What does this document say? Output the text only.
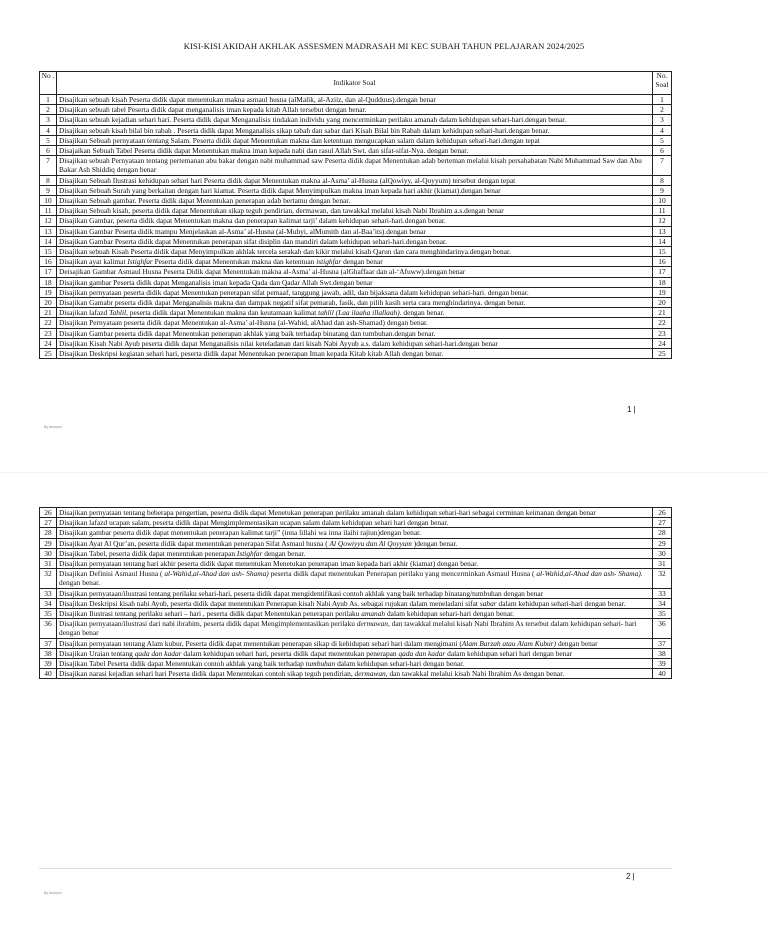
KISI-KISI AKIDAH AKHLAK ASSESMEN MADRASAH MI KEC SUBAH TAHUN PELAJARAN 2024/2025
No .	Indikator Soal	No. Soal
1	Disajikan sebuah kisah Peserta didik dapat menentukan makna asmaul husna (alMalik, al-Aziiz, dan al-Qudduus).dengan benar	1
2	Disajikan sebuah tabel Peserta didik dapat menganalisis iman kepada kitab Allah tersebut dengan benar.	2
3	Disajikan sebuah kejadian sehari hari. Peserta didik dapat Menganalisis tindakan individu yang mencerminkan perilaku amanah dalam kehidupan sehari-hari.dengan benar.	3
4	Disajikan sebuah kisah bilal bin rabah . Peserta didik dapat Menganalisis sikap tabah dan sabar dari Kisah Bilal bin Rabah dalam kehidupan sehari-hari.dengan benar.	4
5	Disajikan Sebuah pernyataan tentang Salam. Peserta didik dapat Menentukan makna dan ketentuan mengucapkan salam dalam kehidupan sehari-hari.dengan tepat	5
6	Disajaikan Sebuah Tabel Peserta didik dapat Menentukan makna iman kepada nabi dan rasul Allah Swt. dan sifat-sifat-Nya. dengan benar.	6
7	Disajikan sebuah Pernyataan tentang pertemanan abu bakar dengan nabi muhammad saw Peserta didik dapat Menentukan adab berteman melalui kisah persahabatan Nabi Muhammad Saw dan Abu Bakar Ash Shiddiq dengan benar	7
8	Disajikan Sebuah Ilustrasi kehidupan sehari hari Peserta didik dapat Menentukan makna al-Asma’ al-Husna (alQowiyy, al-Qoyyum) tersebut dengan tepat	8
9	Disajikan Sebuah Surah yang berkaitan dengan hari kiamat. Peserta didik dapat Menyimpulkan makna iman kepada hari akhir (kiamat).dengan benar	9
10	Disajikan Sebuah gambar. Peserta didik dapat Menentukan penerapan adab bertamu dengan benar.	10
11	Disajikan Sebuah kisah, peserta didik dapat Menentukan sikap teguh pendirian, dermawan, dan tawakkal melalui kisah Nabi Ibrahim a.s.dengan benar	11
12	Disajikan Gambar, peserta didik dapat Menentukan makna dan penerapan kalimat tarji’ dalam kehidupan sehari-hari.dengan benar.	12
13	Disajikan Gambar Peserta didik mampu Menjelaskan al-Asma’ al-Husna (al-Muhyi, alMumith dan al-Baa’its).dengan benar	13
14	Disajikan Gambar Peserta didik dapat Menentukan penerapan sifat disiplin dan mandiri dalam kehidupan sehari-hari.dengan benar.	14
15	Disajikan sebuah Kisah Peserta didik dapat Menyimpulkan akhlak tercela serakah dan kikir melalui kisah Qarun dan cara menghindarinya.dengan benar.	15
16	Disajikan ayat kalimat Istighfar Peserta didik dapat Menentukan makna dan ketentuan istighfar dengan benar	16
17	Deisajikan Gambar Asmaul Husna Peserta Didik dapat Menentukan makna al-Asma’ al-Husna (alGhaffaar dan al-‘Afuww).dengan benar	17
18	Disajikan gambar Peserta didik dapat Menganalisis iman kepada Qada dan Qadar Allah Swt.dengan benar	18
19	Disajikan pernyataan peserta didik dapat Menentukan penerapan sifat pemaaf, tanggung jawab, adil, dan bijaksana dalam kehidupan sehari-hari. dengan benar.	19
20	Disajikan Gamabr peserta didik dapat Menganalisis makna dan dampak negatif sifat pemarah, fasik, dan pilih kasih serta cara menghindarinya. dengan benar.	20
21	Disajikan lafazd Tahlil, peserta didik dapat Menentukan makna dan keutamaan kalimat tahlil (Laa ilaaha illallaah). dengan benar.	21
22	Disajikan Pernyataan peserta didik dapat Menentukan al-Asma’ al-Husna (al-Wahid, alAhad dan ash-Shamad) dengan benar.	22
23	Disajikan Gambar peserta didik dapat Menentukan penerapan akhlak yang baik terhadap binatang dan tumbuhan.dengan benar.	23
24	Disajikan Kisah Nabi Ayub peserta didik dapat Menganalisis nilai keteladanan dari kisah Nabi Ayyub a.s. dalam kehidupan sehari-hari.dengan benar	24
25	Disajikan Deskripsi kegiatan sehari hari, peserta didik dapat Menentukan penerapan Iman kepada Kitab kitab Allah dengan benar.	25
1 |
By Anonym
26	Disajikan pernyataan tentang beberapa pengertian, peserta didik dapat Menetukan penerapan perilaku amanah dalam kehidupan sehari-hari sebagai cerminan keimanan dengan benar	26
27	Disajikan lafazd ucapan salam, peserta didik dapat Mengimplementasikan ucapan salam dalam kehidupan sehari hari dengan benar.	27
28	Disajikan gambar peserta didik dapat menentukan penerapan kalimat tarji” (inna lillahi wa inna ilaihi rajiun)dengan benar.	28
29	Disajikan Ayat Al Qur’an, peserta didik dapat menentukan penerapan Sifat Asmaul husna ( Al Qowiyyu dan Al Qoyyum )dengan benar.	29
30	Disajikan Tabel, peserta didik dapat menentukan penerapan Istighfar dengan benar.	30
31	Disajikan pernyataan tentang hari akhir peserta didik dapat menentukan Menetukan penerapan iman kepada hari akhir (kiamat) dengan benar.	31
32	Disajikan Definisi Asmaul Husna ( al-Wahid,al-Ahad dan ash- Shama) peserta didik dapat menentukan Penerapan perilaku yang mencerminkan Asmaul Husna ( al-Wahid,al-Ahad dan ash- Shama). dengan benar.	32
33	Disajikan pernyataan/ilustrasi tentang perilaku sehari-hari, peserta didik dapat mengidentifikasi contoh akhlak yang baik terhadap binatang/tumbuhan dengan benar	33
34	Disajikan Deskripsi kisah nabi Ayub, peserta didik dapat menentukan Penerapan kisah Nabi Ayub As. sebagai rujukan dalam meneladani sifat sabar dalam kehidupan sehari-hari dengan benar.	34
35	Disajikan Ilustrasi tentang perilaku sehari – hari , peserta didik dapat Menentukan penerapan perilaku amanah dalam kehidupan sehari-hari dengan benar.	35
36	Disajikan pernyataan/ilustrasi dari nabi ibrahim, peserta didik dapat Mengimplementasikan perilaku dermawan, dan tawakkal melalui kisah Nabi Ibrahim As tersebut dalam kehidupan sehari- hari dengan benar	36
37	Disajikan pernyataan tentang Alam kubur, Peserta didik dapat menentukan penerapan sikap di kehidupan sehari hari dalam mengimani (Alam Barzah atau Alam Kubur) dengan benar	37
38	Disajikan Uraian tentang qada dan kadar dalam kehidupan sehari hari, peserta didik dapat menentukan penerapan qada dan kadar dalam kehidupan sehari hari dengan benar	38
39	Disajikan Tabel Peserta didik dapat Menentukan contoh akhlak yang baik terhadap tumbuhan dalam kehidupan sehari-hari dengan benar.	39
40	Disajikan narasi kejadian sehari hari Peserta didik dapat Menentukan contoh sikap teguh pendirian, dermawan, dan tawakkal melalui kisah Nabi Ibrahim As dengan benar.	40
2 |
By Anonym
